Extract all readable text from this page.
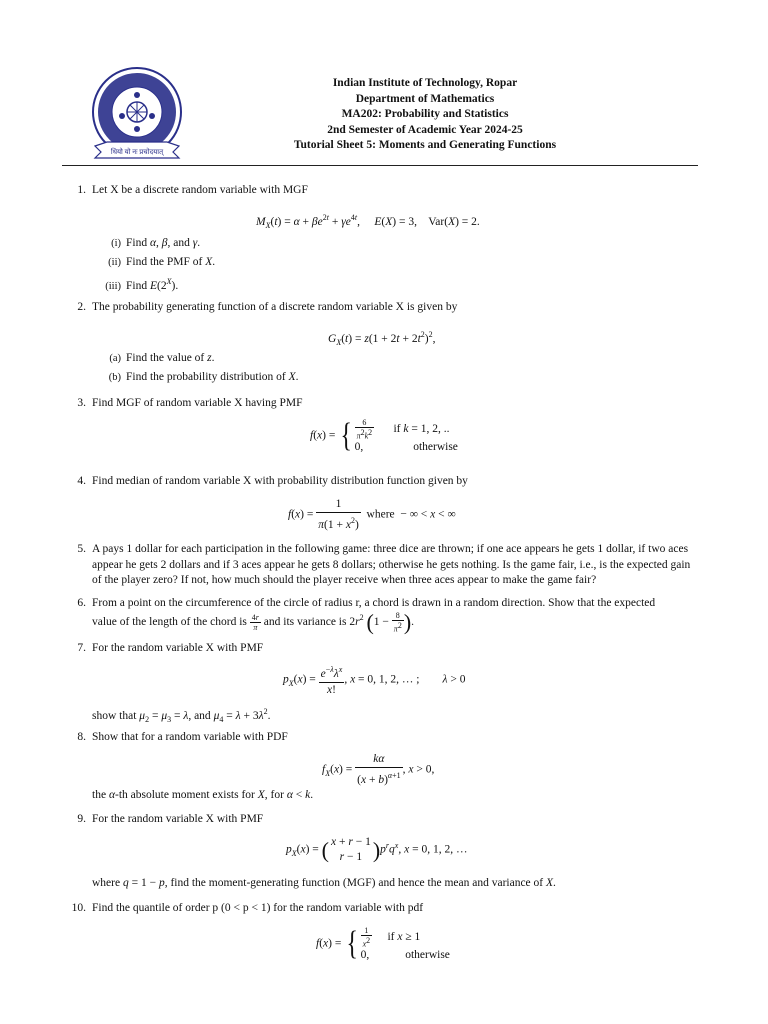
धियो यो नः प्रचोदयात्
Indian Institute of Technology, Ropar
Department of Mathematics
MA202: Probability and Statistics
2nd Semester of Academic Year 2024-25
Tutorial Sheet 5: Moments and Generating Functions
1. Let X be a discrete random variable with MGF
$M_X(t) = \alpha + \beta e^{2t} + \gamma e^{4t}$,     E(X) = 3,    Var(X) = 2.
(i) Find α, β, and γ.
(ii) Find the PMF of X.
(iii) Find $E(2^X)$.
2. The probability generating function of a discrete random variable X is given by
$G_X(t) = z(1 + 2t + 2t^2)^2$,
(a) Find the value of z.
(b) Find the probability distribution of X.
3. Find MGF of random variable X having PMF
f(x) = { $\frac{6}{\pi^2k^2}$ if k = 1, 2, ..
0,	otherwise
4. Find median of random variable X with probability distribution function given by
$f(x) = \frac{1}{\pi(1 + x^2)}$ where  − ∞ < x < ∞
5. A pays 1 dollar for each participation in the following game: three dice are thrown; if one ace appears he gets 1 dollar, if two aces appear he gets 2 dollars and if 3 aces appear he gets 8 dollars; otherwise he gets nothing. Is the game fair, i.e., is the expected gain of the player zero? If not, how much should the player receive when three aces appear to make the game fair?
6. From a point on the circumference of the circle of radius r, a chord is drawn in a random direction. Show that the expected
value of the length of the chord is $\frac{4r}{\pi}$ and its variance is $2r^2$ ($1 - \frac{8}{\pi^2}$ ).
7. For the random variable X with PMF
$p_X(x) = \frac{e^{-\lambda}\lambda^x}{x!}$ , x = 0, 1, 2, … ;        λ > 0
show that $\mu_2 = \mu_3 = \lambda$, and $\mu_4 = \lambda + 3\lambda^2$.
8. Show that for a random variable with PDF
$f_X(x) = \frac{k\alpha}{(x + b)^{\alpha+1}}$ , x > 0,
the α-th absolute moment exists for X, for α < k.
9. For the random variable X with PMF
$p_X(x)$ = ( x + r − 1
r − 1 )$p^rq^x$, x = 0, 1, 2, …
where q = 1 − p, find the moment-generating function (MGF) and hence the mean and variance of X.
10. Find the quantile of order p (0 < p < 1) for the random variable with pdf
f(x) = { $\frac{1}{x^2}$ if x ≥ 1
0,	otherwise
